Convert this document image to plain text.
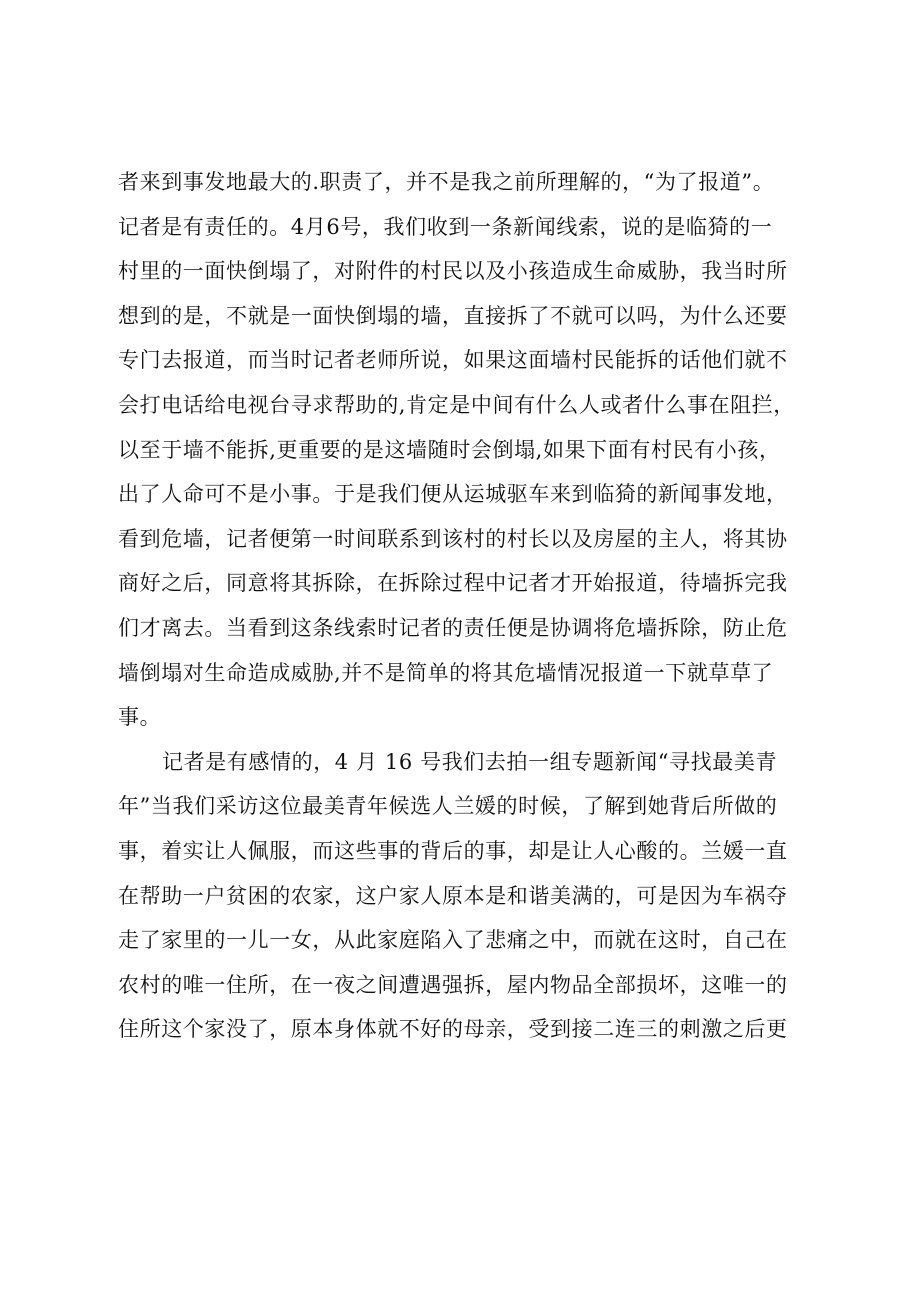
者来到事发地最大的.职责了，并不是我之前所理解的，“为了报道”。
记者是有责任的。4月6号，我们收到一条新闻线索，说的是临猗的一
村里的一面快倒塌了，对附件的村民以及小孩造成生命威胁，我当时所
想到的是，不就是一面快倒塌的墙，直接拆了不就可以吗，为什么还要
专门去报道，而当时记者老师所说，如果这面墙村民能拆的话他们就不
会打电话给电视台寻求帮助的,肯定是中间有什么人或者什么事在阻拦，
以至于墙不能拆,更重要的是这墙随时会倒塌,如果下面有村民有小孩，
出了人命可不是小事。于是我们便从运城驱车来到临猗的新闻事发地，
看到危墙，记者便第一时间联系到该村的村长以及房屋的主人，将其协
商好之后，同意将其拆除，在拆除过程中记者才开始报道，待墙拆完我
们才离去。当看到这条线索时记者的责任便是协调将危墙拆除，防止危
墙倒塌对生命造成威胁,并不是简单的将其危墙情况报道一下就草草了
事。
记者是有感情的，4 月 16 号我们去拍一组专题新闻“寻找最美青
年”当我们采访这位最美青年候选人兰媛的时候，了解到她背后所做的
事，着实让人佩服，而这些事的背后的事，却是让人心酸的。兰媛一直
在帮助一户贫困的农家，这户家人原本是和谐美满的，可是因为车祸夺
走了家里的一儿一女，从此家庭陷入了悲痛之中，而就在这时，自己在
农村的唯一住所，在一夜之间遭遇强拆，屋内物品全部损坏，这唯一的
住所这个家没了，原本身体就不好的母亲，受到接二连三的刺激之后更
